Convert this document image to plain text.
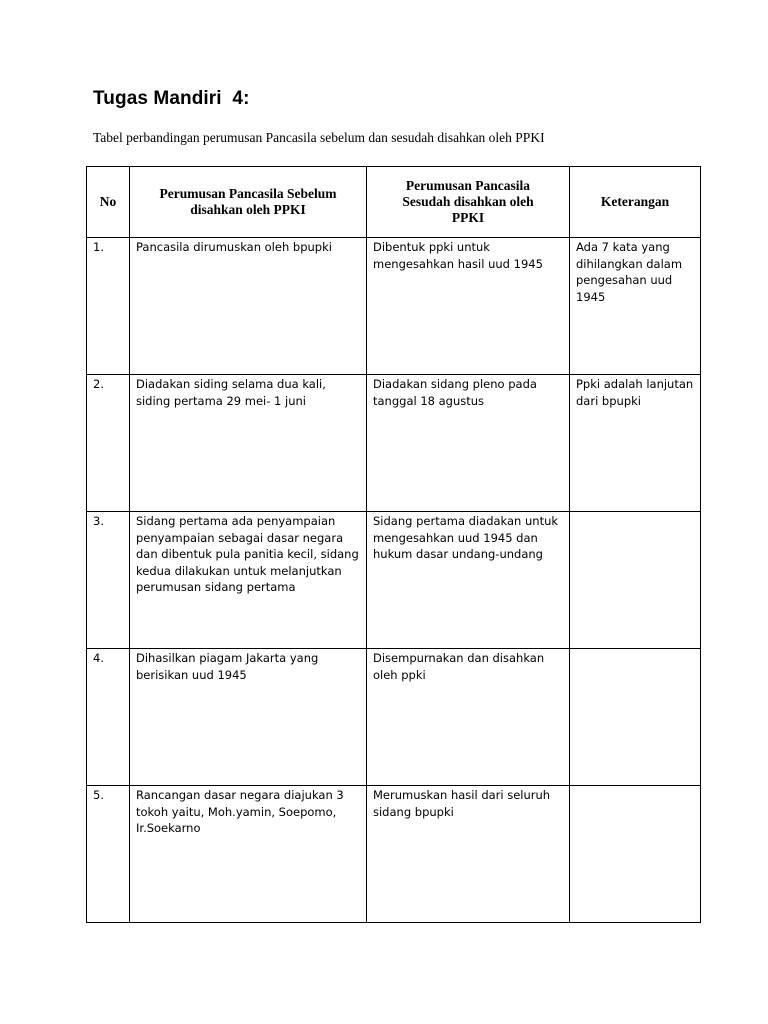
Tugas Mandiri  4:
Tabel perbandingan perumusan Pancasila sebelum dan sesudah disahkan oleh PPKI
No	Perumusan Pancasila Sebelum disahkan oleh PPKI	Perumusan Pancasila Sesudah disahkan oleh PPKI	Keterangan

1.	Pancasila dirumuskan oleh bpupki	Dibentuk ppki untuk mengesahkan hasil uud 1945	Ada 7 kata yang dihilangkan dalam pengesahan uud 1945

2.	Diadakan siding selama dua kali, siding pertama 29 mei- 1 juni	Diadakan sidang pleno pada tanggal 18 agustus	Ppki adalah lanjutan dari bpupki

3.	Sidang pertama ada penyampaian penyampaian sebagai dasar negara dan dibentuk pula panitia kecil, sidang kedua dilakukan untuk melanjutkan perumusan sidang pertama	Sidang pertama diadakan untuk mengesahkan uud 1945 dan hukum dasar undang-undang	

4.	Dihasilkan piagam Jakarta yang berisikan uud 1945	Disempurnakan dan disahkan oleh ppki	

5.	Rancangan dasar negara diajukan 3 tokoh yaitu, Moh.yamin, Soepomo, Ir.Soekarno	Merumuskan hasil dari seluruh sidang bpupki	
